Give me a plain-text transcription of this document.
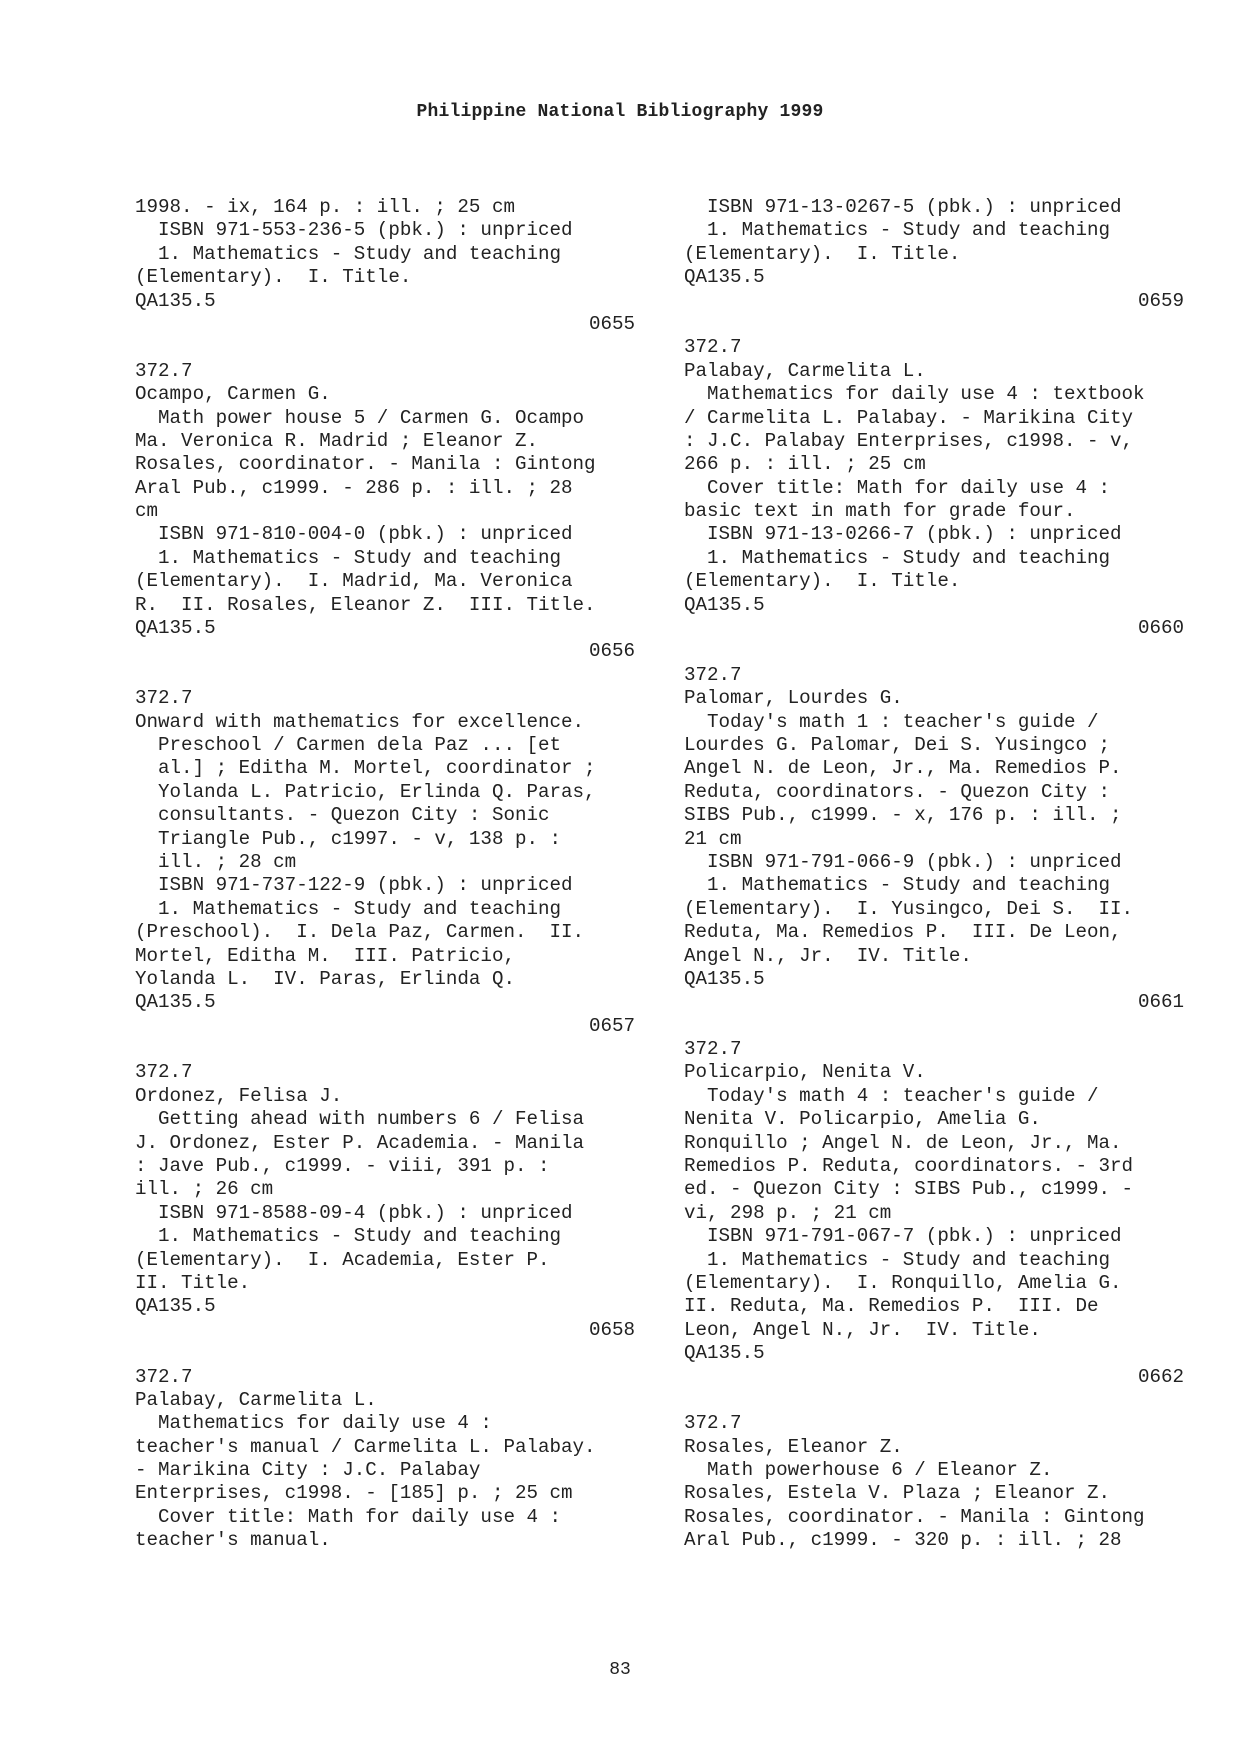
Philippine National Bibliography 1999
1998. - ix, 164 p. : ill. ; 25 cm
ISBN 971-553-236-5 (pbk.) : unpriced
1. Mathematics - Study and teaching
(Elementary).  I. Title.
QA135.5
0655
372.7
Ocampo, Carmen G.
Math power house 5 / Carmen G. Ocampo
Ma. Veronica R. Madrid ; Eleanor Z.
Rosales, coordinator. - Manila : Gintong
Aral Pub., c1999. - 286 p. : ill. ; 28
cm
ISBN 971-810-004-0 (pbk.) : unpriced
1. Mathematics - Study and teaching
(Elementary).  I. Madrid, Ma. Veronica
R.  II. Rosales, Eleanor Z.  III. Title.
QA135.5
0656
372.7
Onward with mathematics for excellence.
Preschool / Carmen dela Paz ... [et
al.] ; Editha M. Mortel, coordinator ;
Yolanda L. Patricio, Erlinda Q. Paras,
consultants. - Quezon City : Sonic
Triangle Pub., c1997. - v, 138 p. :
ill. ; 28 cm
ISBN 971-737-122-9 (pbk.) : unpriced
1. Mathematics - Study and teaching
(Preschool).  I. Dela Paz, Carmen.  II.
Mortel, Editha M.  III. Patricio,
Yolanda L.  IV. Paras, Erlinda Q.
QA135.5
0657
372.7
Ordonez, Felisa J.
Getting ahead with numbers 6 / Felisa
J. Ordonez, Ester P. Academia. - Manila
: Jave Pub., c1999. - viii, 391 p. :
ill. ; 26 cm
ISBN 971-8588-09-4 (pbk.) : unpriced
1. Mathematics - Study and teaching
(Elementary).  I. Academia, Ester P.
II. Title.
QA135.5
0658
372.7
Palabay, Carmelita L.
Mathematics for daily use 4 :
teacher's manual / Carmelita L. Palabay.
- Marikina City : J.C. Palabay
Enterprises, c1998. - [185] p. ; 25 cm
Cover title: Math for daily use 4 :
teacher's manual.
ISBN 971-13-0267-5 (pbk.) : unpriced
1. Mathematics - Study and teaching
(Elementary).  I. Title.
QA135.5
0659
372.7
Palabay, Carmelita L.
Mathematics for daily use 4 : textbook
/ Carmelita L. Palabay. - Marikina City
: J.C. Palabay Enterprises, c1998. - v,
266 p. : ill. ; 25 cm
Cover title: Math for daily use 4 :
basic text in math for grade four.
ISBN 971-13-0266-7 (pbk.) : unpriced
1. Mathematics - Study and teaching
(Elementary).  I. Title.
QA135.5
0660
372.7
Palomar, Lourdes G.
Today's math 1 : teacher's guide /
Lourdes G. Palomar, Dei S. Yusingco ;
Angel N. de Leon, Jr., Ma. Remedios P.
Reduta, coordinators. - Quezon City :
SIBS Pub., c1999. - x, 176 p. : ill. ;
21 cm
ISBN 971-791-066-9 (pbk.) : unpriced
1. Mathematics - Study and teaching
(Elementary).  I. Yusingco, Dei S.  II.
Reduta, Ma. Remedios P.  III. De Leon,
Angel N., Jr.  IV. Title.
QA135.5
0661
372.7
Policarpio, Nenita V.
Today's math 4 : teacher's guide /
Nenita V. Policarpio, Amelia G.
Ronquillo ; Angel N. de Leon, Jr., Ma.
Remedios P. Reduta, coordinators. - 3rd
ed. - Quezon City : SIBS Pub., c1999. -
vi, 298 p. ; 21 cm
ISBN 971-791-067-7 (pbk.) : unpriced
1. Mathematics - Study and teaching
(Elementary).  I. Ronquillo, Amelia G.
II. Reduta, Ma. Remedios P.  III. De
Leon, Angel N., Jr.  IV. Title.
QA135.5
0662
372.7
Rosales, Eleanor Z.
Math powerhouse 6 / Eleanor Z.
Rosales, Estela V. Plaza ; Eleanor Z.
Rosales, coordinator. - Manila : Gintong
Aral Pub., c1999. - 320 p. : ill. ; 28
83
